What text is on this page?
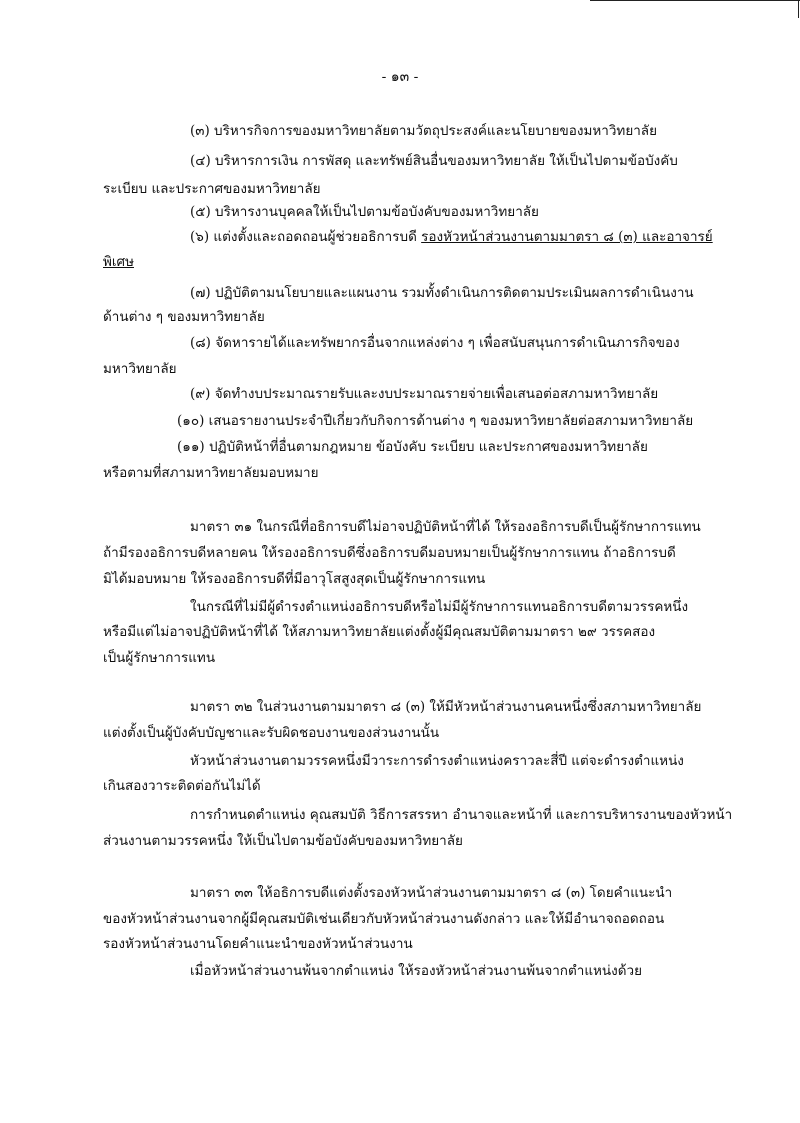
- ๑๓ -
(๓) บริหารกิจการของมหาวิทยาลัยตามวัตถุประสงค์และนโยบายของมหาวิทยาลัย
(๔) บริหารการเงิน การพัสดุ และทรัพย์สินอื่นของมหาวิทยาลัย ให้เป็นไปตามข้อบังคับ
ระเบียบ และประกาศของมหาวิทยาลัย
(๕) บริหารงานบุคคลให้เป็นไปตามข้อบังคับของมหาวิทยาลัย
(๖) แต่งตั้งและถอดถอนผู้ช่วยอธิการบดี รองหัวหน้าส่วนงานตามมาตรา ๘ (๓) และอาจารย์
พิเศษ
(๗) ปฏิบัติตามนโยบายและแผนงาน รวมทั้งดำเนินการติดตามประเมินผลการดำเนินงาน
ด้านต่าง ๆ ของมหาวิทยาลัย
(๘) จัดหารายได้และทรัพยากรอื่นจากแหล่งต่าง ๆ เพื่อสนับสนุนการดำเนินภารกิจของ
มหาวิทยาลัย
(๙) จัดทำงบประมาณรายรับและงบประมาณรายจ่ายเพื่อเสนอต่อสภามหาวิทยาลัย
(๑๐) เสนอรายงานประจำปีเกี่ยวกับกิจการด้านต่าง ๆ ของมหาวิทยาลัยต่อสภามหาวิทยาลัย
(๑๑) ปฏิบัติหน้าที่อื่นตามกฎหมาย ข้อบังคับ ระเบียบ และประกาศของมหาวิทยาลัย
หรือตามที่สภามหาวิทยาลัยมอบหมาย
มาตรา ๓๑ ในกรณีที่อธิการบดีไม่อาจปฏิบัติหน้าที่ได้ ให้รองอธิการบดีเป็นผู้รักษาการแทน
ถ้ามีรองอธิการบดีหลายคน ให้รองอธิการบดีซึ่งอธิการบดีมอบหมายเป็นผู้รักษาการแทน ถ้าอธิการบดี
มิได้มอบหมาย ให้รองอธิการบดีที่มีอาวุโสสูงสุดเป็นผู้รักษาการแทน
ในกรณีที่ไม่มีผู้ดำรงตำแหน่งอธิการบดีหรือไม่มีผู้รักษาการแทนอธิการบดีตามวรรคหนึ่ง
หรือมีแต่ไม่อาจปฏิบัติหน้าที่ได้ ให้สภามหาวิทยาลัยแต่งตั้งผู้มีคุณสมบัติตามมาตรา ๒๙ วรรคสอง
เป็นผู้รักษาการแทน
มาตรา ๓๒ ในส่วนงานตามมาตรา ๘ (๓) ให้มีหัวหน้าส่วนงานคนหนึ่งซึ่งสภามหาวิทยาลัย
แต่งตั้งเป็นผู้บังคับบัญชาและรับผิดชอบงานของส่วนงานนั้น
หัวหน้าส่วนงานตามวรรคหนึ่งมีวาระการดำรงตำแหน่งคราวละสี่ปี แต่จะดำรงตำแหน่ง
เกินสองวาระติดต่อกันไม่ได้
การกำหนดตำแหน่ง คุณสมบัติ วิธีการสรรหา อำนาจและหน้าที่ และการบริหารงานของหัวหน้า
ส่วนงานตามวรรคหนึ่ง ให้เป็นไปตามข้อบังคับของมหาวิทยาลัย
มาตรา ๓๓ ให้อธิการบดีแต่งตั้งรองหัวหน้าส่วนงานตามมาตรา ๘ (๓) โดยคำแนะนำ
ของหัวหน้าส่วนงานจากผู้มีคุณสมบัติเช่นเดียวกับหัวหน้าส่วนงานดังกล่าว และให้มีอำนาจถอดถอน
รองหัวหน้าส่วนงานโดยคำแนะนำของหัวหน้าส่วนงาน
เมื่อหัวหน้าส่วนงานพ้นจากตำแหน่ง ให้รองหัวหน้าส่วนงานพ้นจากตำแหน่งด้วย
